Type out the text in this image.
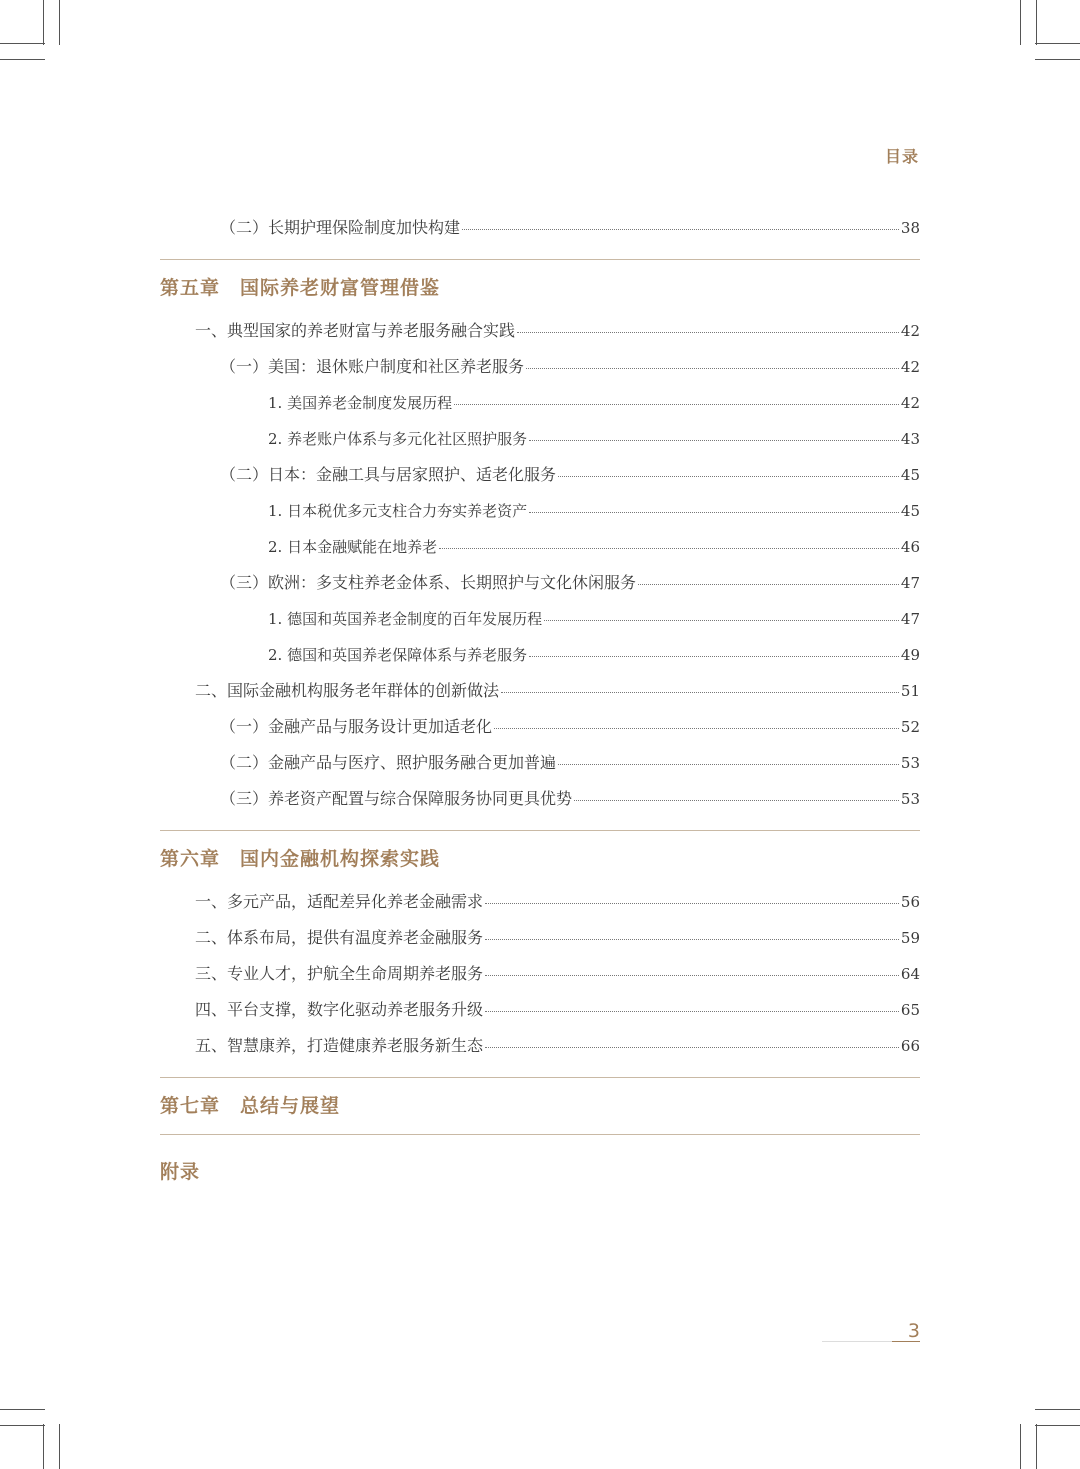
目录
（二）长期护理保险制度加快构建	38
第五章 国际养老财富管理借鉴
一、典型国家的养老财富与养老服务融合实践	42
（一）美国：退休账户制度和社区养老服务	42
1. 美国养老金制度发展历程	42
2. 养老账户体系与多元化社区照护服务	43
（二）日本：金融工具与居家照护、适老化服务	45
1. 日本税优多元支柱合力夯实养老资产	45
2. 日本金融赋能在地养老	46
（三）欧洲：多支柱养老金体系、长期照护与文化休闲服务	47
1. 德国和英国养老金制度的百年发展历程	47
2. 德国和英国养老保障体系与养老服务	49
二、国际金融机构服务老年群体的创新做法	51
（一）金融产品与服务设计更加适老化	52
（二）金融产品与医疗、照护服务融合更加普遍	53
（三）养老资产配置与综合保障服务协同更具优势	53
第六章 国内金融机构探索实践
一、多元产品，适配差异化养老金融需求	56
二、体系布局，提供有温度养老金融服务	59
三、专业人才，护航全生命周期养老服务	64
四、平台支撑，数字化驱动养老服务升级	65
五、智慧康养，打造健康养老服务新生态	66
第七章 总结与展望
附录
3
